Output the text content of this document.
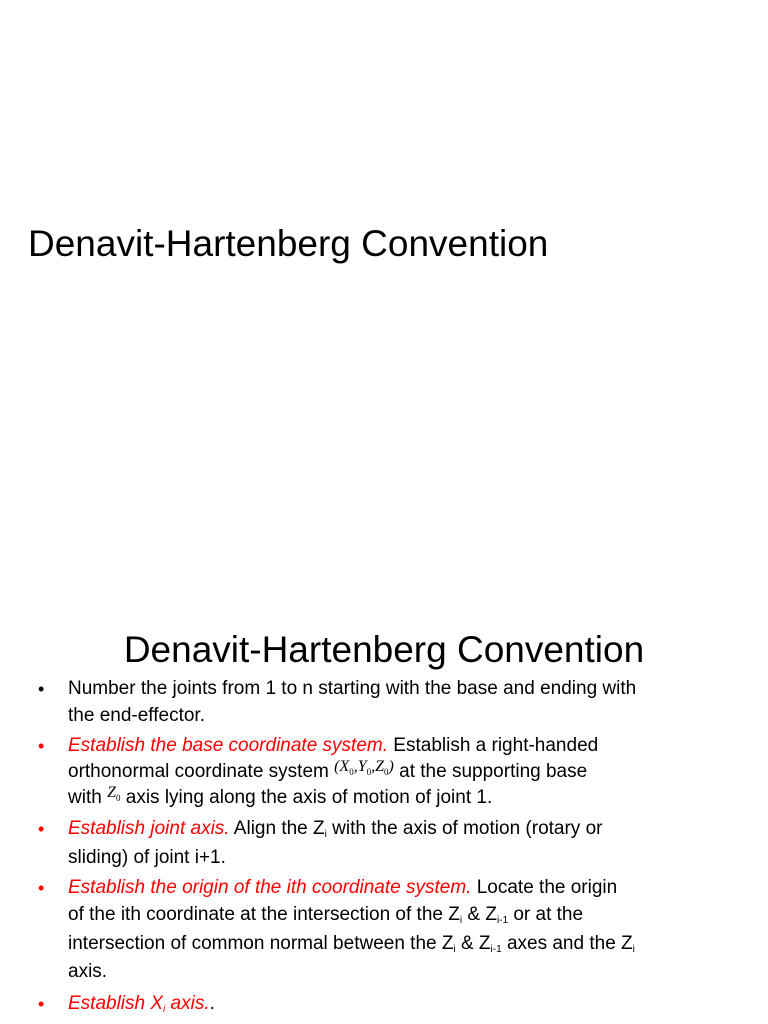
Denavit-Hartenberg Convention
Denavit-Hartenberg Convention
• Number the joints from 1 to n starting with the base and ending with
the end-effector.
• Establish the base coordinate system. Establish a right-handed
orthonormal coordinate system $^{(X_0,Y_0,Z_0)}$ at the supporting base
with $^{Z_0}$ axis lying along the axis of motion of joint 1.
• Establish joint axis. Align the $Z_i$ with the axis of motion (rotary or
sliding) of joint i+1.
• Establish the origin of the ith coordinate system. Locate the origin
of the ith coordinate at the intersection of the $Z_i$ & $Z_{i-1}$ or at the
intersection of common normal between the $Z_i$ & $Z_{i-1}$ axes and the $Z_i$
axis.
• Establish $X_i$ axis..
